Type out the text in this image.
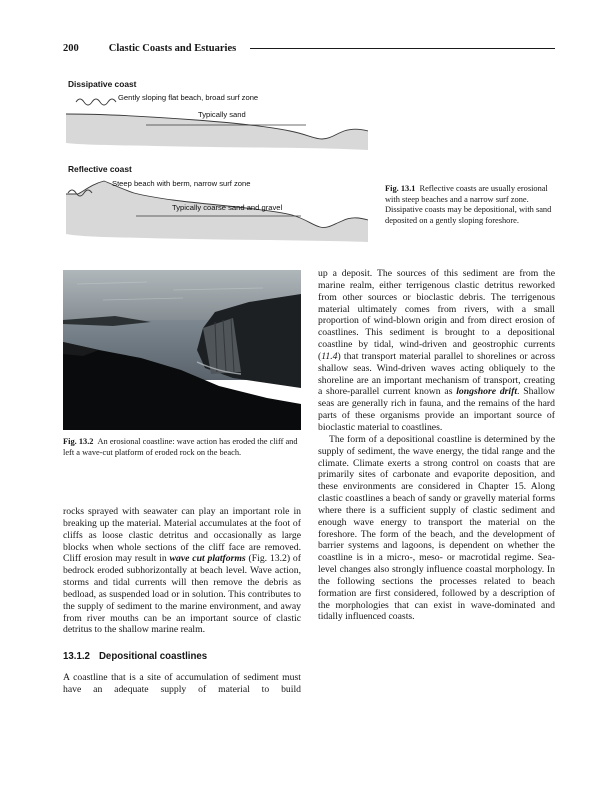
200	Clastic Coasts and Estuaries
Dissipative coast
Gently sloping flat beach, broad surf zone
Typically sand
Reflective coast
Steep beach with berm, narrow surf zone
Typically coarse sand and gravel
Fig. 13.1 Reflective coasts are usually erosional with steep beaches and a narrow surf zone. Dissipative coasts may be depositional, with sand deposited on a gently sloping foreshore.
Fig. 13.2 An erosional coastline: wave action has eroded the cliff and left a wave-cut platform of eroded rock on the beach.

rocks sprayed with seawater can play an important role in breaking up the material. Material accumulates at the foot of cliffs as loose clastic detritus and occasionally as large blocks when whole sections of the cliff face are removed. Cliff erosion may result in wave cut platforms (Fig. 13.2) of bedrock eroded subhorizontally at beach level. Wave action, storms and tidal currents will then remove the debris as bedload, as suspended load or in solution. This contributes to the supply of sediment to the marine environment, and away from river mouths can be an important source of clastic detritus to the shallow marine realm.

13.1.2 Depositional coastlines

A coastline that is a site of accumulation of sediment must have an adequate supply of material to build

up a deposit. The sources of this sediment are from the marine realm, either terrigenous clastic detritus reworked from other sources or bioclastic debris. The terrigenous material ultimately comes from rivers, with a small proportion of wind-blown origin and from direct erosion of coastlines. This sediment is brought to a depositional coastline by tidal, wind-driven and geostrophic currents (11.4) that transport material parallel to shorelines or across shallow seas. Wind-driven waves acting obliquely to the shoreline are an important mechanism of transport, creating a shore-parallel current known as longshore drift. Shallow seas are generally rich in fauna, and the remains of the hard parts of these organisms provide an important source of bioclastic material to coastlines.

The form of a depositional coastline is determined by the supply of sediment, the wave energy, the tidal range and the climate. Climate exerts a strong control on coasts that are primarily sites of carbonate and evaporite deposition, and these environments are considered in Chapter 15. Along clastic coastlines a beach of sandy or gravelly material forms where there is a sufficient supply of clastic sediment and enough wave energy to transport the material on the foreshore. The form of the beach, and the development of barrier systems and lagoons, is dependent on whether the coastline is in a micro-, meso- or macrotidal regime. Sea-level changes also strongly influence coastal morphology. In the following sections the processes related to beach formation are first considered, followed by a description of the morphologies that can exist in wave-dominated and tidally influenced coasts.
